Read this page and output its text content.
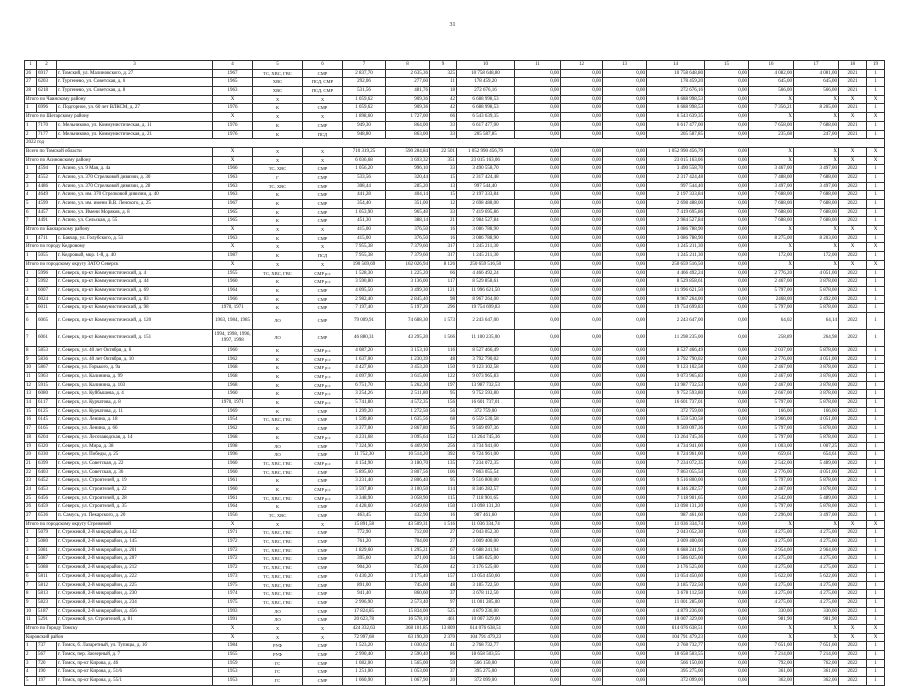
31
1	2	3	4	5	6	7	8	9	10	11	12	13	14	15	16	17	18	19
26	6917	г. Томский, ул. Малиновского, д. 27	1967	ТС, ХВС, ГВС	СМР	2 837,70	2 635,36	325	10 758 648,80	0,00	0,00	0,00	10 758 648,80	0,00	4 082,00	4 081,00	2021	1
27	6203	г. Тургенево, ул. Советская, д. 6	1965	ХВС	ПСД, СМР	292,06	277,60	11	178 459,20	0,00	0,00	0,00	178 459,20	0,00	645,00	645,00	2021	1
28	6218	г. Тургенево, ул. Советская, д. 8	1963	ХВС	ПСД, СМР	531,56	481,76	18	272 676,16	0,00	0,00	0,00	272 676,16	0,00	566,00	566,00	2021	1
Итого по Чаинскому району			X	X	X	1 059,62	909,36	42	6 688 998,53	0,00	0,00	0,00	6 688 998,53	0,00	X	X	X	X
1	6996	с. Подгорное, ул. 60 лет ВЛКСМ, д. 27	1976	К	СМР	1 059,62	909,36	42	6 688 998,53	0,00	0,00	0,00	6 688 998,53	0,00	7 356,21	8 205,00	2021	1
Итого по Шегарскому району			X	X	X	1 898,60	1 727,00	66	6 543 639,35	0,00	0,00	0,00	6 543 639,35	0,00	X	X	X	X
1	7170	с. Мельниково, ул. Коммунистическая, д. 11	1976	К	СМР	949,30	864,00	33	6 617 477,00	0,00	0,00	0,00	6 617 477,00	0,00	7 658,00	7 688,00	2021	1
2	7177	с. Мельниково, ул. Коммунистическая, д. 21	1976	К	ПСД	948,80	863,00	33	205 587,85	0,00	0,00	0,00	205 587,85	0,00	235,68	247,00	2021	1
2022 год																		
Всего по Томской области			X	X	X	710 319,25	590 284,84	22 501	1 052 990 456,79	0,00	0,00	0,00	1 052 990 456,79	0,00	X	X	X	X
Итого по Асиновскому району			X	X	X	6 036,68	3 693,32	351	23 015 163,06	0,00	0,00	0,00	23 015 163,06	0,00	X	X	X	X
1	4594	г. Асино, ул. 9 Мая, д. 4а	1966	ТС, ХВС	СМР	1 056,20	996,10	33	3 490 558,70	0,00	0,00	0,00	3 490 558,70	0,00	3 467,00	3 497,00	2022	1
2	4552	г. Асино, ул. 370 Стрелковой дивизии, д. 30	1963	Г	СМР	533,56	320,44	15	2 317 424,48	0,00	0,00	0,00	2 317 424,48	0,00	7 488,00	7 688,00	2022	1
3	4486	г. Асино, ул. 370 Стрелковой дивизии, д. 28	1963	ТС, ХВС	СМР	308,44	285,20	13	997 544,40	0,00	0,00	0,00	997 544,40	0,00	3 497,00	3 497,00	2022	1
4	4649	г. Асино, ул. им. 370 Стрелковой дивизии, д. 40	1963	К	СМР	441,28	404,14	15	2 197 333,84	0,00	0,00	0,00	2 197 333,84	0,00	7 688,00	7 688,00	2022	1
5	4599	г. Асино, ул. им. имени В.В. Ленского, д. 25	1967	К	СМР	354,40	351,00	12	2 698 488,00	0,00	0,00	0,00	2 698 488,00	0,00	7 688,00	7 688,00	2022	1
6	4457	г. Асино, ул. Имени Моряков, д. 8	1965	К	СМР	1 053,90	965,40	33	7 419 695,86	0,00	0,00	0,00	7 419 695,86	0,00	7 688,00	7 688,00	2022	1
7	4491	г. Асино, ул. Сельская, д. 55	1965	К	СМР	451,30	388,14	21	2 984 527,84	0,00	0,00	0,00	2 984 527,84	0,00	7 688,00	7 688,00	2022	1
Итого по Бакчарскому району			X	X	X	415,00	376,50	16	3 086 788,90	0,00	0,00	0,00	3 086 788,90	0,00	X	X	X	X
1	4711	с. Бакчар, ул. Голубского, д. 51	1963	К	СМР	415,00	376,50	16	3 086 788,90	0,00	0,00	0,00	3 086 788,90	0,00	8 275,00	8 203,00	2022	1
Итого по городу Кедровому			X	X	X	7 955,38	7 379,60	317	1 245 211,30	0,00	0,00	0,00	1 245 211,30	0,00	X	X	X	X
1	5055	г. Кедровый, мкр. 1-й, д. 40	1987	К	ПСД	7 955,38	7 379,60	317	1 245 211,30	0,00	0,00	0,00	1 245 211,30	0,00	172,00	172,00	2022	1
Итого по городскому округу ЗАТО Северск			X	X	X	190 569,69	162 026,94	8 126	250 659 516,50	0,00	0,00	0,00	250 659 516,50	0,00	X	X	X	X
1	5996	г. Северск, пр-кт Коммунистический, д. 4	1955	ТС, ХВС, ГВС	СМР р.с	1 528,30	1 225,20	66	4 466 492,24	0,00	0,00	0,00	4 466 492,24	0,00	2 776,20	4 051,00	2022	1
2	5992	г. Северск, пр-кт Коммунистический, д. 44	1960	К	СМР р.с	3 590,80	3 136,00	117	8 529 858,61	0,00	0,00	0,00	8 529 858,61	0,00	2 467,00	3 878,00	2022	1
3	6007	г. Северск, пр-кт Коммунистический, д. 69	1964	К	СМР	4 095,50	3 499,30	121	11 996 621,50	0,00	0,00	0,00	11 996 621,50	0,00	5 797,00	5 878,00	2022	1
4	6024	г. Северск, пр-кт Коммунистический, д. 83	1966	К	СМР	2 982,40	2 845,40	98	8 967 264,00	0,00	0,00	0,00	8 967 264,00	0,00	2468,00	2 492,00	2022	1
5	6011	г. Северск, пр-кт Коммунистический, д. 98	1970, 1971	К	СМР	7 197,40	5 197,20	296	19 754 699,83	0,00	0,00	0,00	19 754 699,83	0,00	5 797,00	5 878,00	2022	1
6	6065	г. Северск, пр-кт Коммунистический, д. 120	1963, 1984, 1985	ЛО	СМР	79 009,91	74 688,30	1 573	2 243 647,00	0,00	0,00	0,00	2 243 647,00	0,00	64,02	64,14	2022	1
7	6061	г. Северск, пр-кт Коммунистический, д. 151	1994, 1998, 1996, 1997, 1998	ЛО	СМР	46 880,31	43 295,20	1 566	11 100 235,00	0,00	0,00	0,00	11 298 235,00	0,00	258,89	264,98	2022	1
8	5853	г. Северск, ул. 40 лет Октября, д. 6	1960	К	СМР р.с	4 087,20	3 153,10	116	8 527 466,49	0,00	0,00	0,00	8 527 466,49	0,00	2 037,00	5 878,00	2022	1
9	5836	г. Северск, ул. 40 лет Октября, д. 10	1962	К	СМР р.с	1 637,00	1 230,39	48	3 792 790,02	0,00	0,00	0,00	3 792 790,02	0,00	2 776,00	4 051,00	2022	1
10	5867	г. Северск, ул. Горького, д. 9а	1968	К	СМР р.с	4 427,60	3 453,20	150	9 123 102,58	0,00	0,00	0,00	9 123 102,58	0,00	2 467,00	3 878,00	2022	1
11	5963	г. Северск, ул. Калинина, д. 99	1968	К	СМР р.с	4 097,90	3 615,00	122	9 073 965,83	0,00	0,00	0,00	9 073 965,83	0,00	2 467,00	3 878,00	2022	1
12	5915	г. Северск, ул. Калинина, д. 103	1968	К	СМР р.с	6 751,70	5 262,30	197	13 987 732,53	0,00	0,00	0,00	13 987 732,53	0,00	2 467,00	3 878,00	2022	1
13	6080	г. Северск, ул. Куйбышева, д. 4	1960	К	СМР р.с	3 254,26	2 511,80	95	9 752 593,80	0,00	0,00	0,00	9 752 593,80	0,00	2 667,00	3 878,00	2022	1
14	6117	г. Северск, ул. Курчатова, д. 8	1970, 1971	К	СМР р.с	5 741,80	4 572,35	156	16 601 737,01	0,00	0,00	0,00	16 601 737,01	0,00	5 797,00	5 878,00	2022	1
15	6125	г. Северск, ул. Курчатова, д. 11	1969	К	СМР	1 299,20	1 272,50	56	372 759,00	0,00	0,00	0,00	372 759,00	0,00	166,00	166,00	2022	1
16	6145	г. Северск, ул. Ленина, д. 18	1954	ТС, ХВС, ГВС	СМР	1 599,80	1 635,56	68	6 559 530,58	0,00	0,00	0,00	6 559 530,58	0,00	3 966,00	4 051,00	2022	1
17	6165	г. Северск, ул. Ленина, д. 66	1962	К	СМР	3 377,00	2 867,80	95	9 569 097,36	0,00	0,00	0,00	9 569 097,36	0,00	5 797,00	5 878,00	2022	1
18	6204	г. Северск, ул. Лесозаводская, д. 14	1968	К	СМР р.с	4 231,68	3 095,64	152	13 264 745,36	0,00	0,00	0,00	13 264 745,36	0,00	5 797,00	5 878,00	2022	1
19	6320	г. Северск, ул. Мира, д. 38	1998	ЛО	СМР	7 324,90	6 469,90	256	4 734 941,00	0,00	0,00	0,00	4 734 941,00	0,00	1 003,00	1 007,25	2022	1
20	6330	г. Северск, ул. Победы, д. 25	1996	ЛО	СМР	11 752,30	10 514,20	392	6 724 961,00	0,00	0,00	0,00	6 724 961,00	0,00	659,61	654,61	2022	1
21	6399	г. Северск, ул. Советская, д. 22	1960	ТС, ХВС, ГВС	СМР р.с	4 154,90	3 180,70	135	7 234 072,35	0,00	0,00	0,00	7 234 072,35	0,00	2 542,00	5 489,00	2022	1
22	6403	г. Северск, ул. Советская, д. 36	1960	ТС, ХВС, ГВС	СМР	5 895,60	3 807,56	106	7 863 055,54	0,00	0,00	0,00	7 863 055,54	0,00	2 776,00	4 051,00	2022	1
23	6452	г. Северск, ул. Строителей, д. 19	1961	К	СМР	3 231,40	2 806,40	95	9 516 800,00	0,00	0,00	0,00	9 516 800,00	0,00	5 797,00	5 878,00	2022	1
24	6453	г. Северск, ул. Строителей, д. 22	1960	К	СМР р.с	3 597,80	3 100,50	114	8 346 282,57	0,00	0,00	0,00	8 346 282,57	0,00	2 467,00	3 878,00	2022	1
25	6456	г. Северск, ул. Строителей, д. 28	1961	ТС, ХВС, ГВС	СМР р.с	3 348,90	3 058,90	115	7 118 901,65	0,00	0,00	0,00	7 118 901,65	0,00	2 542,00	5 489,00	2022	1
26	6459	г. Северск, ул. Строителей, д. 35	1964	К	СМР	4 428,60	3 649,60	150	13 098 131,20	0,00	0,00	0,00	13 098 131,20	0,00	5 797,00	5 878,00	2022	1
27	6536	п. Самусь, ул. Пекарского, д. 20	1956	ТС, ХВС	СМР	463,45	432,90	16	987 461,60	0,00	0,00	0,00	987 461,60	0,00	2 296,00	3 497,00	2022	1
Итого по городскому округу Стрежевой			X	X	X	15 891,58	43 509,31	1 516	11 036 334,74	0,00	0,00	0,00	11 036 334,74	0,00	X	X	X	X
1	5079	г. Стрежевой, 2-й микрорайон, д. 142	1971	ТС, ХВС, ГВС	СМР	772,90	712,00	27	2 043 052,30	0,00	0,00	0,00	2 043 052,30	0,00	4 275,00	4 275,00	2022	1
2	5080	г. Стрежевой, 2-й микрорайон, д. 145	1972	ТС, ХВС, ГВС	СМР	761,20	704,00	27	3 009 400,00	0,00	0,00	0,00	3 009 400,00	0,00	4 275,00	4 275,00	2022	1
3	5081	г. Стрежевой, 2-й микрорайон, д. 201	1972	ТС, ХВС, ГВС	СМР	1 829,60	1 295,21	67	6 688 241,94	0,00	0,00	0,00	6 688 241,94	0,00	2 954,00	2 964,00	2022	1
4	5087	г. Стрежевой, 2-й микрорайон, д. 207	1972	ТС, ХВС, ГВС	СМР	395,60	371,00	34	1 586 025,00	0,00	0,00	0,00	1 586 025,00	0,00	4 275,00	4 275,00	2022	1
5	5088	г. Стрежевой, 2-й микрорайон, д. 212	1972	ТС, ХВС, ГВС	СМР	904,20	745,00	42	3 176 525,00	0,00	0,00	0,00	3 176 525,00	0,00	4 275,00	4 275,00	2022	1
6	5811	г. Стрежевой, 2-й микрорайон, д. 222	1973	ТС, ХВС, ГВС	СМР	6 430,20	3 175,40	157	13 054 450,60	0,00	0,00	0,00	13 054 450,60	0,00	5 622,00	5 622,00	2022	1
7	5812	г. Стрежевой, 2-й микрорайон, д. 225	1975	ТС, ХВС, ГВС	СМР	891,00	745,00	48	3 185 722,50	0,00	0,00	0,00	3 185 722,50	0,00	4 275,00	4 275,00	2022	1
8	5813	г. Стрежевой, 2-й микрорайон, д. 230	1974	ТС, ХВС, ГВС	СМР	941,40	860,60	37	3 678 112,50	0,00	0,00	0,00	3 678 112,50	0,00	4 275,00	4 275,00	2022	1
9	5823	г. Стрежевой, 2-й микрорайон, д. 234	1975	ТС, ХВС, ГВС	СМР	2 996,90	2 573,40	97	11 001 285,00	0,00	0,00	0,00	11 001 285,00	0,00	4 275,00	4 275,00	2022	1
10	5187	г. Стрежевой, 2-й микрорайон, д. 456	1993	ЛО	СМР	17 824,85	15 834,00	525	4 879 236,00	0,00	0,00	0,00	4 879 236,00	0,00	330,00	330,00	2022	1
11	5291	г. Стрежевой, ул. Строителей, д. 81	1991	ЛО	СМР	20 623,78	16 578,10	461	10 007 329,00	0,00	0,00	0,00	10 007 329,00	0,00	981,90	981,90	2022	1
Итого по Городу Томску			X	X	X	424 332,63	368 101,85	13 809	614 076 638,51	0,00	0,00	0,00	614 076 638,51	0,00	X	X	X	X
Кировский район			X	X	X	72 997,68	63 190,20	2 370	104 791 479,23	0,00	0,00	0,00	104 791 479,23	0,00	X	X	X	X
1	737	г. Томск, б. Лазаретный, ул. Тупицы, д. 1б	1984	РУФ	СМР	1 523,20	1 030,62	41	2 768 732,77	0,00	0,00	0,00	2 768 732,77	0,00	7 651,00	7 651,00	2022	1
2	567	г. Томск, пер. Заозерный, д. 7	1955	РУФ	СМР	2 990,40	2 590,40	86	18 658 503,55	0,00	0,00	0,00	18 658 503,55	0,00	7 214,00	7 214,00	2022	1
3	720	г. Томск, пр-кт Кирова, д. 46	1959	ГС	СМР	1 082,00	1 565,00	59	566 150,00	0,00	0,00	0,00	566 150,00	0,00	792,00	762,00	2022	1
4	190	г. Томск, пр-кт Кирова, д. 51/6	1953	ГС	СМР	1 251,00	1 053,00	37	395 275,00	0,00	0,00	0,00	395 275,00	0,00	361,00	361,00	2022	1
5	197	г. Томск, пр-кт Кирова, д. 55/1	1953	ГС	СМР	1 060,90	1 067,90	20	372 099,00	0,00	0,00	0,00	372 099,00	0,00	362,00	362,00	2022	1
